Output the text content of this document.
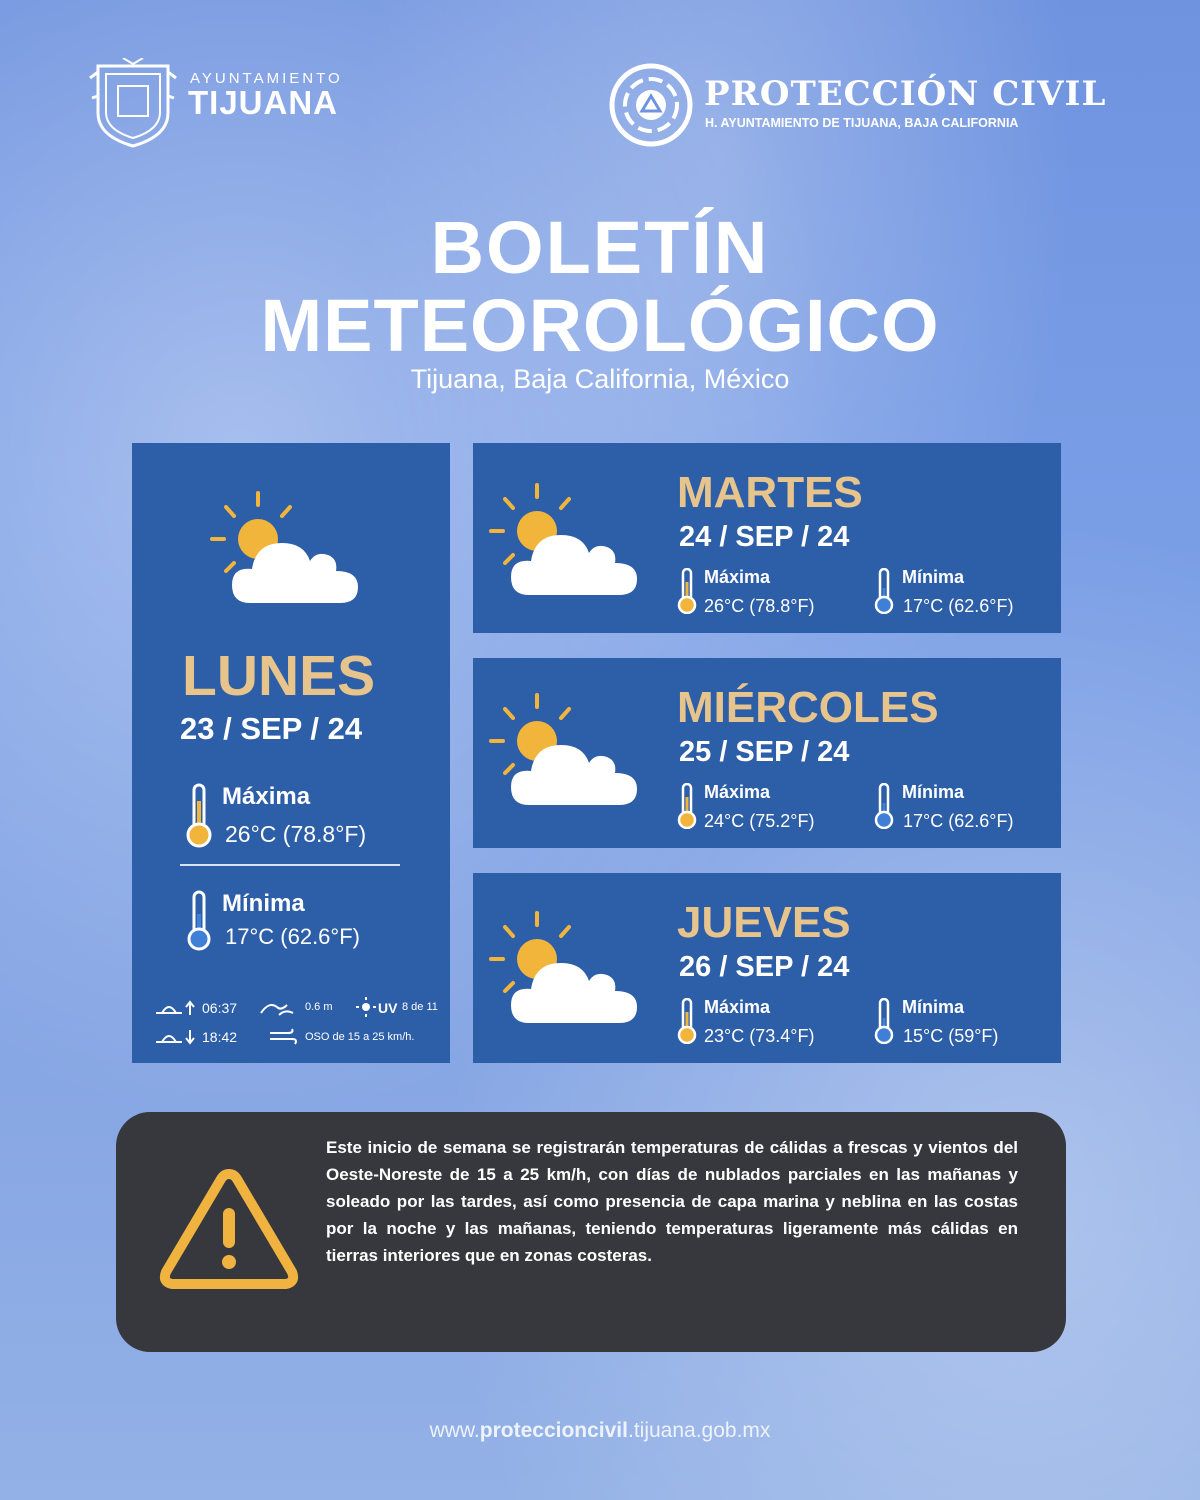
AYUNTAMIENTO
TIJUANA	PROTECCIÓN CIVIL
H. AYUNTAMIENTO DE TIJUANA, BAJA CALIFORNIA
BOLETÍN
METEOROLÓGICO
Tijuana, Baja California, México
LUNES
23 / SEP / 24
Máxima
26°C (78.8°F)
Mínima
17°C (62.6°F)
06:37
18:42
0.6 m	UV 8 de 11
OSO de 15 a 25 km/h.
MARTES
24 / SEP / 24
Máxima
26°C (78.8°F)
Mínima
17°C (62.6°F)
MIÉRCOLES
25 / SEP / 24
Máxima
24°C (75.2°F)
Mínima
17°C (62.6°F)
JUEVES
26 / SEP / 24
Máxima
23°C (73.4°F)
Mínima
15°C (59°F)
Este inicio de semana se registrarán temperaturas de cálidas a frescas y vientos del Oeste-Noreste de 15 a 25 km/h, con días de nublados parciales en las mañanas y soleado por las tardes, así como presencia de capa marina y neblina en las costas por la noche y las mañanas, teniendo temperaturas ligeramente más cálidas en tierras interiores que en zonas costeras.
www.proteccioncivil.tijuana.gob.mx
